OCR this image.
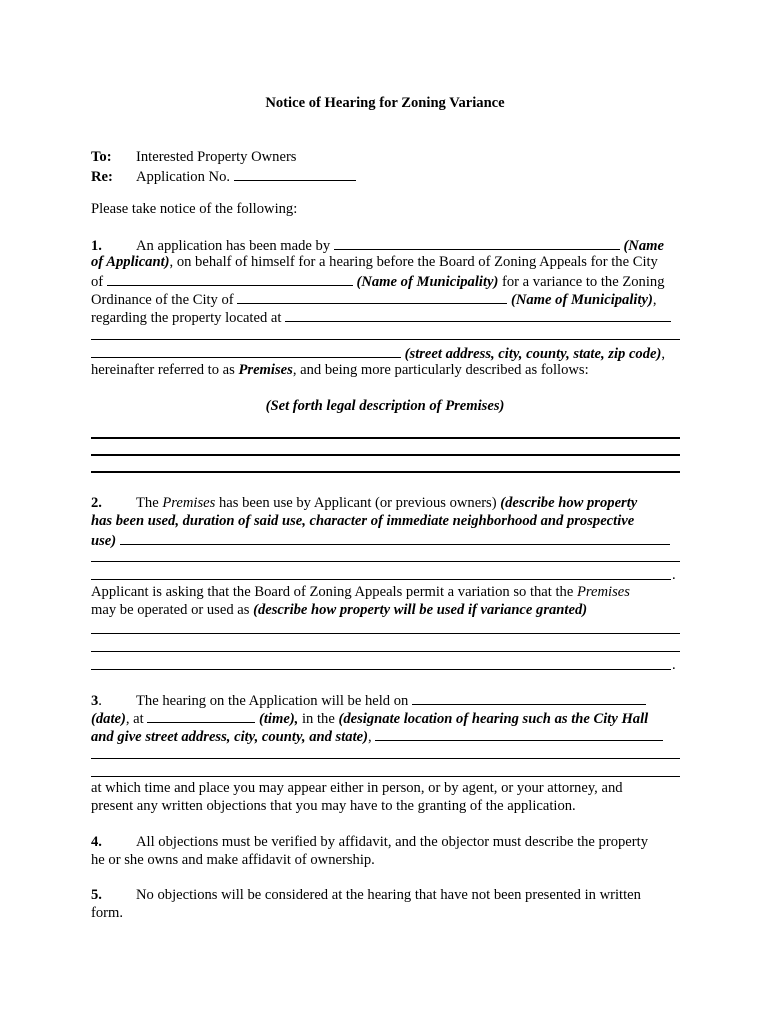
Notice of Hearing for Zoning Variance
To: Interested Property Owners
Re: Application No.
Please take notice of the following:
1. An application has been made by	(Name
of Applicant), on behalf of himself for a hearing before the Board of Zoning Appeals for the City
of	(Name of Municipality) for a variance to the Zoning
Ordinance of the City of	(Name of Municipality),
regarding the property located at
(street address, city, county, state, zip code),
hereinafter referred to as Premises, and being more particularly described as follows:
(Set forth legal description of Premises)
2. The Premises has been use by Applicant (or previous owners) (describe how property
has been used, duration of said use, character of immediate neighborhood and prospective
use)
.
Applicant is asking that the Board of Zoning Appeals permit a variation so that the Premises
may be operated or used as (describe how property will be used if variance granted)
.
3. The hearing on the Application will be held on
(date), at	(time), in the (designate location of hearing such as the City Hall
and give street address, city, county, and state),
at which time and place you may appear either in person, or by agent, or your attorney, and
present any written objections that you may have to the granting of the application.
4. All objections must be verified by affidavit, and the objector must describe the property
he or she owns and make affidavit of ownership.
5. No objections will be considered at the hearing that have not been presented in written
form.
